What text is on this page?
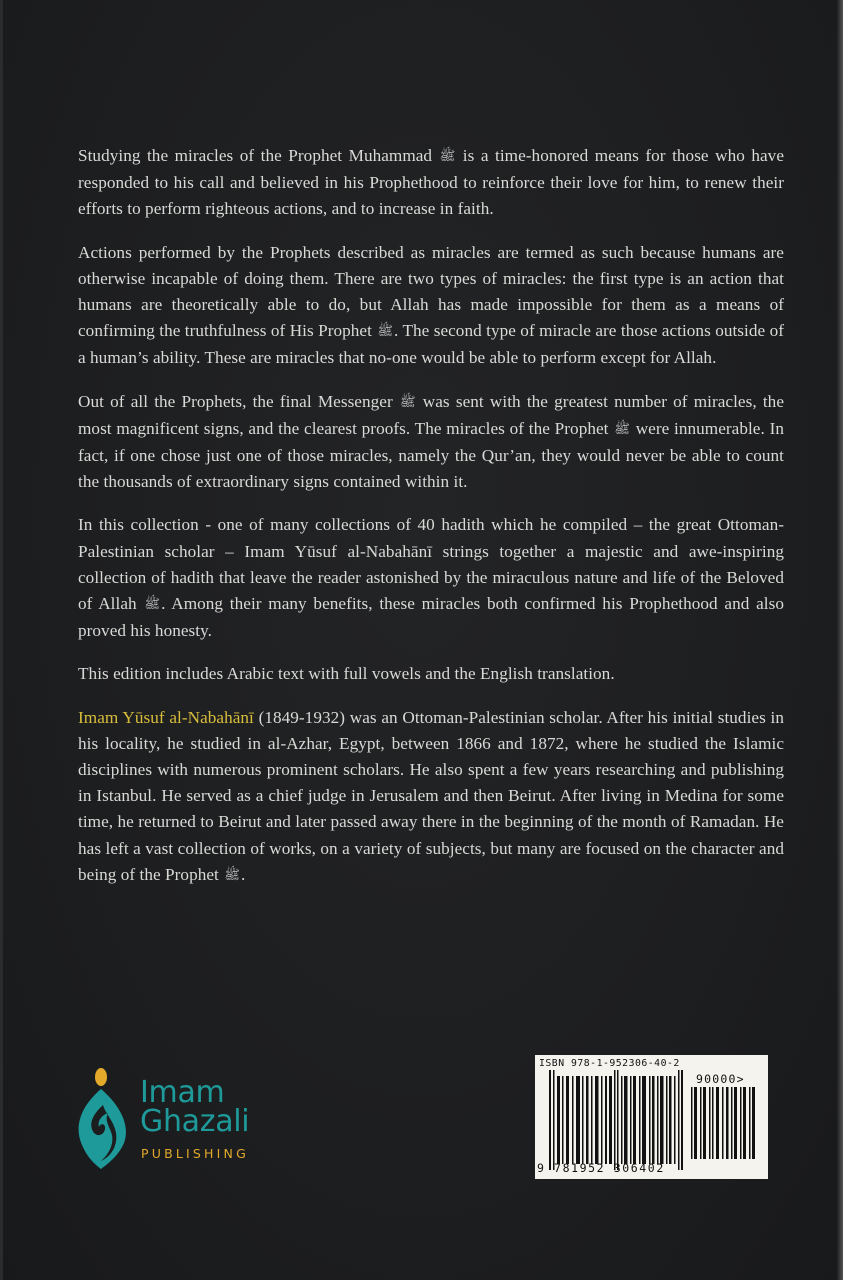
Studying the miracles of the Prophet Muhammad ﷺ is a time-honored means for those who have responded to his call and believed in his Prophethood to reinforce their love for him, to renew their efforts to perform righteous actions, and to increase in faith.

Actions performed by the Prophets described as miracles are termed as such because humans are otherwise incapable of doing them. There are two types of miracles: the first type is an action that humans are theoretically able to do, but Allah has made impossible for them as a means of confirming the truthfulness of His Prophet ﷺ. The second type of miracle are those actions outside of a human’s ability. These are miracles that no-one would be able to perform except for Allah.

Out of all the Prophets, the final Messenger ﷺ was sent with the greatest number of miracles, the most magnificent signs, and the clearest proofs. The miracles of the Prophet ﷺ were innumerable. In fact, if one chose just one of those miracles, namely the Qur’an, they would never be able to count the thousands of extraordinary signs contained within it.

In this collection - one of many collections of 40 hadith which he compiled – the great Ottoman-Palestinian scholar – Imam Yūsuf al-Nabahānī strings together a majestic and awe-inspiring collection of hadith that leave the reader astonished by the miraculous nature and life of the Beloved of Allah ﷺ. Among their many benefits, these miracles both confirmed his Prophethood and also proved his honesty.

This edition includes Arabic text with full vowels and the English translation.

Imam Yūsuf al-Nabahānī (1849-1932) was an Ottoman-Palestinian scholar. After his initial studies in his locality, he studied in al-Azhar, Egypt, between 1866 and 1872, where he studied the Islamic disciplines with numerous prominent scholars. He also spent a few years researching and publishing in Istanbul. He served as a chief judge in Jerusalem and then Beirut. After living in Medina for some time, he returned to Beirut and later passed away there in the beginning of the month of Ramadan. He has left a vast collection of works, on a variety of subjects, but many are focused on the character and being of the Prophet ﷺ.

Imam
Ghazali
PUBLISHING
ISBN 978-1-952306-40-2
90000>
9 781952 306402
